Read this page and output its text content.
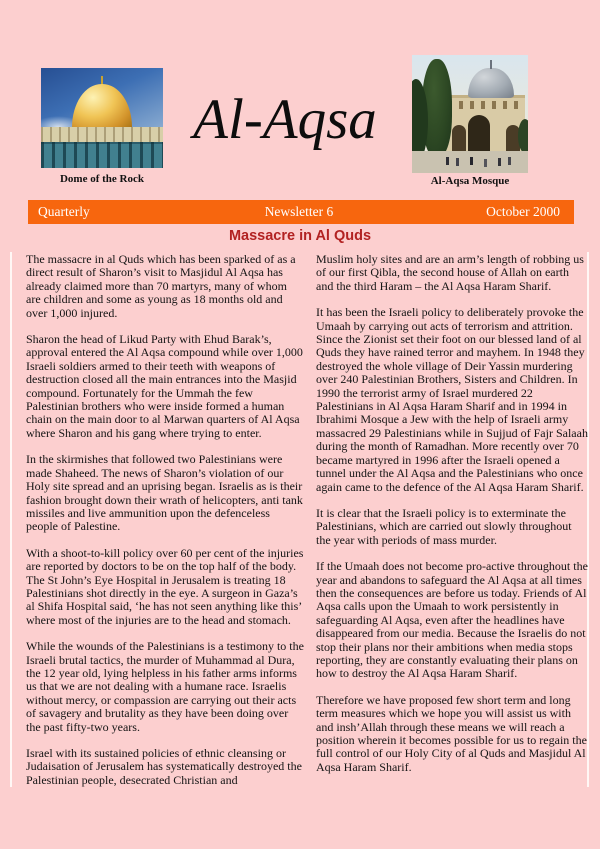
Dome of the Rock
Al-Aqsa
Al-Aqsa Mosque
Quarterly	Newsletter 6	October 2000
Massacre in Al Quds

The massacre in al Quds which has been sparked of as a direct result of Sharon’s visit to Masjidul Al Aqsa has already claimed more than 70 martyrs, many of whom are children and some as young as 18 months old and over 1,000 injured.

Sharon the head of Likud Party with Ehud Barak’s, approval entered the Al Aqsa compound while over 1,000 Israeli soldiers armed to their teeth with weapons of destruction closed all the main entrances into the Masjid compound. Fortunately for the Ummah the few Palestinian brothers who were inside formed a human chain on the main door to al Marwan quarters of Al Aqsa where Sharon and his gang where trying to enter.

In the skirmishes that followed two Palestinians were made Shaheed. The news of Sharon’s violation of our Holy site spread and an uprising began. Israelis as is their fashion brought down their wrath of helicopters, anti tank missiles and live ammunition upon the defenceless people of Palestine.

With a shoot-to-kill policy over 60 per cent of the injuries are reported by doctors to be on the top half of the body. The St John’s Eye Hospital in Jerusalem is treating 18 Palestinians shot directly in the eye. A surgeon in Gaza’s al Shifa Hospital said, ‘he has not seen anything like this’ where most of the injuries are to the head and stomach.

While the wounds of the Palestinians is a testimony to the Israeli brutal tactics, the murder of Muhammad al Dura, the 12 year old, lying helpless in his father arms informs us that we are not dealing with a humane race. Israelis without mercy, or compassion are carrying out their acts of savagery and brutality as they have been doing over the past fifty-two years.

Israel with its sustained policies of ethnic cleansing or Judaisation of Jerusalem has systematically destroyed the Palestinian people, desecrated Christian and

Muslim holy sites and are an arm’s length of robbing us of our first Qibla, the second house of Allah on earth and the third Haram – the Al Aqsa Haram Sharif.

It has been the Israeli policy to deliberately provoke the Umaah by carrying out acts of terrorism and attrition. Since the Zionist set their foot on our blessed land of al Quds they have rained terror and mayhem. In 1948 they destroyed the whole village of Deir Yassin murdering over 240 Palestinian Brothers, Sisters and Children. In 1990 the terrorist army of Israel murdered 22 Palestinians in Al Aqsa Haram Sharif and in 1994 in Ibrahimi Mosque a Jew with the help of Israeli army massacred 29 Palestinians while in Sujjud of Fajr Salaah during the month of Ramadhan. More recently over 70 became martyred in 1996 after the Israeli opened a tunnel under the Al Aqsa and the Palestinians who once again came to the defence of the Al Aqsa Haram Sharif.

It is clear that the Israeli policy is to exterminate the Palestinians, which are carried out slowly throughout the year with periods of mass murder.

If the Umaah does not become pro-active throughout the year and abandons to safeguard the Al Aqsa at all times then the consequences are before us today. Friends of Al Aqsa calls upon the Umaah to work persistently in safeguarding Al Aqsa, even after the headlines have disappeared from our media. Because the Israelis do not stop their plans nor their ambitions when media stops reporting, they are constantly evaluating their plans on how to destroy the Al Aqsa Haram Sharif.

Therefore we have proposed few short term and long term measures which we hope you will assist us with and insh’Allah through these means we will reach a position wherein it becomes possible for us to regain the full control of our Holy City of al Quds and Masjidul Al Aqsa Haram Sharif.
